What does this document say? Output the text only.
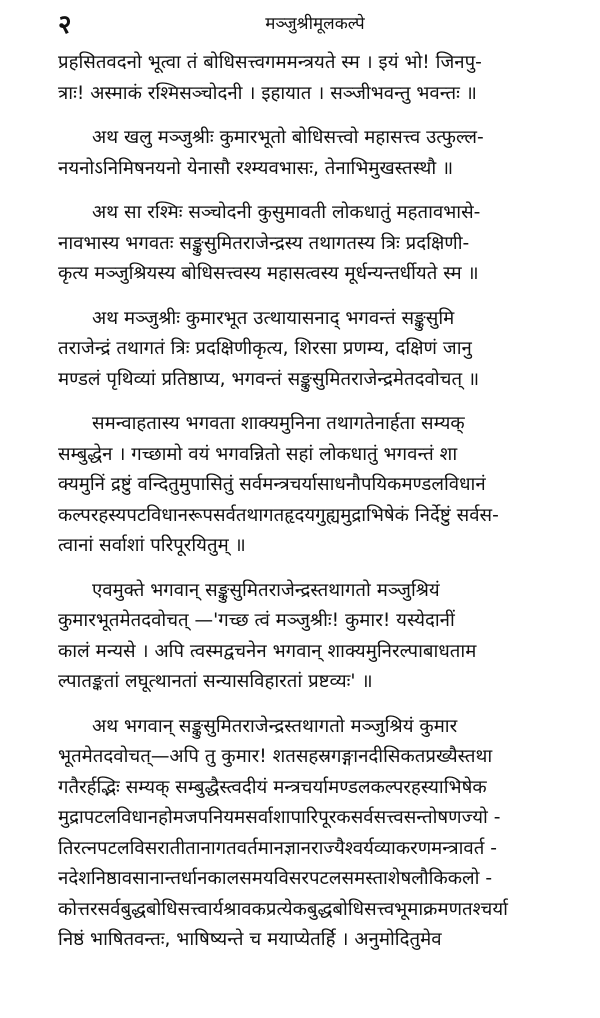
२	मञ्जुश्रीमूलकल्पे
प्रहसितवदनो भूत्वा तं बोधिसत्त्वगममन्त्रयते स्म । इयं भो! जिनपु-
त्राः! अस्माकं रश्मिसञ्चोदनी । इहायात । सञ्जीभवन्तु भवन्तः ॥
अथ खलु मञ्जुश्रीः कुमारभूतो बोधिसत्त्वो महासत्त्व उत्फुल्ल-
नयनोऽनिमिषनयनो येनासौ रश्म्यवभासः, तेनाभिमुखस्तस्थौ ॥
अथ सा रश्मिः सञ्चोदनी कुसुमावती लोकधातुं महतावभासे-
नावभास्य भगवतः सङ्कुसुमितराजेन्द्रस्य तथागतस्य त्रिः प्रदक्षिणी-
कृत्य मञ्जुश्रियस्य बोधिसत्त्वस्य महासत्वस्य मूर्धन्यन्तर्धीयते स्म ॥
अथ मञ्जुश्रीः कुमारभूत उत्थायासनाद् भगवन्तं सङ्कुसुमि
तराजेन्द्रं तथागतं त्रिः प्रदक्षिणीकृत्य, शिरसा प्रणम्य, दक्षिणं जानु
मण्डलं पृथिव्यां प्रतिष्ठाप्य, भगवन्तं सङ्कुसुमितराजेन्द्रमेतदवोचत् ॥
समन्वाहतास्य भगवता शाक्यमुनिना तथागतेनार्हता सम्यक्
सम्बुद्धेन । गच्छामो वयं भगवन्नितो सहां लोकधातुं भगवन्तं शा
क्यमुनिं द्रष्टुं वन्दितुमुपासितुं सर्वमन्त्रचर्यासाधनौपयिकमण्डलविधानं
कल्परहस्यपटविधानरूपसर्वतथागतहृदयगुह्यमुद्राभिषेकं निर्देष्टुं सर्वस-
त्वानां सर्वाशां परिपूरयितुम् ॥
एवमुक्ते भगवान् सङ्कुसुमितराजेन्द्रस्तथागतो मञ्जुश्रियं
कुमारभूतमेतदवोचत् —'गच्छ त्वं मञ्जुश्रीः! कुमार! यस्येदानीं
कालं मन्यसे । अपि त्वस्मद्वचनेन भगवान् शाक्यमुनिरल्पाबाधताम
ल्पातङ्कतां लघूत्थानतां सन्यासविहारतां प्रष्टव्यः' ॥
अथ भगवान् सङ्कुसुमितराजेन्द्रस्तथागतो मञ्जुश्रियं कुमार
भूतमेतदवोचत्—अपि तु कुमार! शतसहस्रगङ्गानदीसिकतप्रख्यैस्तथा
गतैरर्हद्भिः सम्यक् सम्बुद्धैस्त्वदीयं मन्त्रचर्यामण्डलकल्परहस्याभिषेक
मुद्रापटलविधानहोमजपनियमसर्वाशापारिपूरकसर्वसत्त्वसन्तोषणज्यो -
तिरत्नपटलविसरातीतानागतवर्तमानज्ञानराज्यैश्वर्यव्याकरणमन्त्रावर्त -
नदेशनिष्ठावसानान्तर्धानकालसमयविसरपटलसमस्ताशेषलौकिकलो -
कोत्तरसर्वबुद्धबोधिसत्त्वार्यश्रावकप्रत्येकबुद्धबोधिसत्त्वभूमाक्रमणतश्चर्या
निष्ठं भाषितवन्तः, भाषिष्यन्ते च मयाप्येतर्हि । अनुमोदितुमेव
